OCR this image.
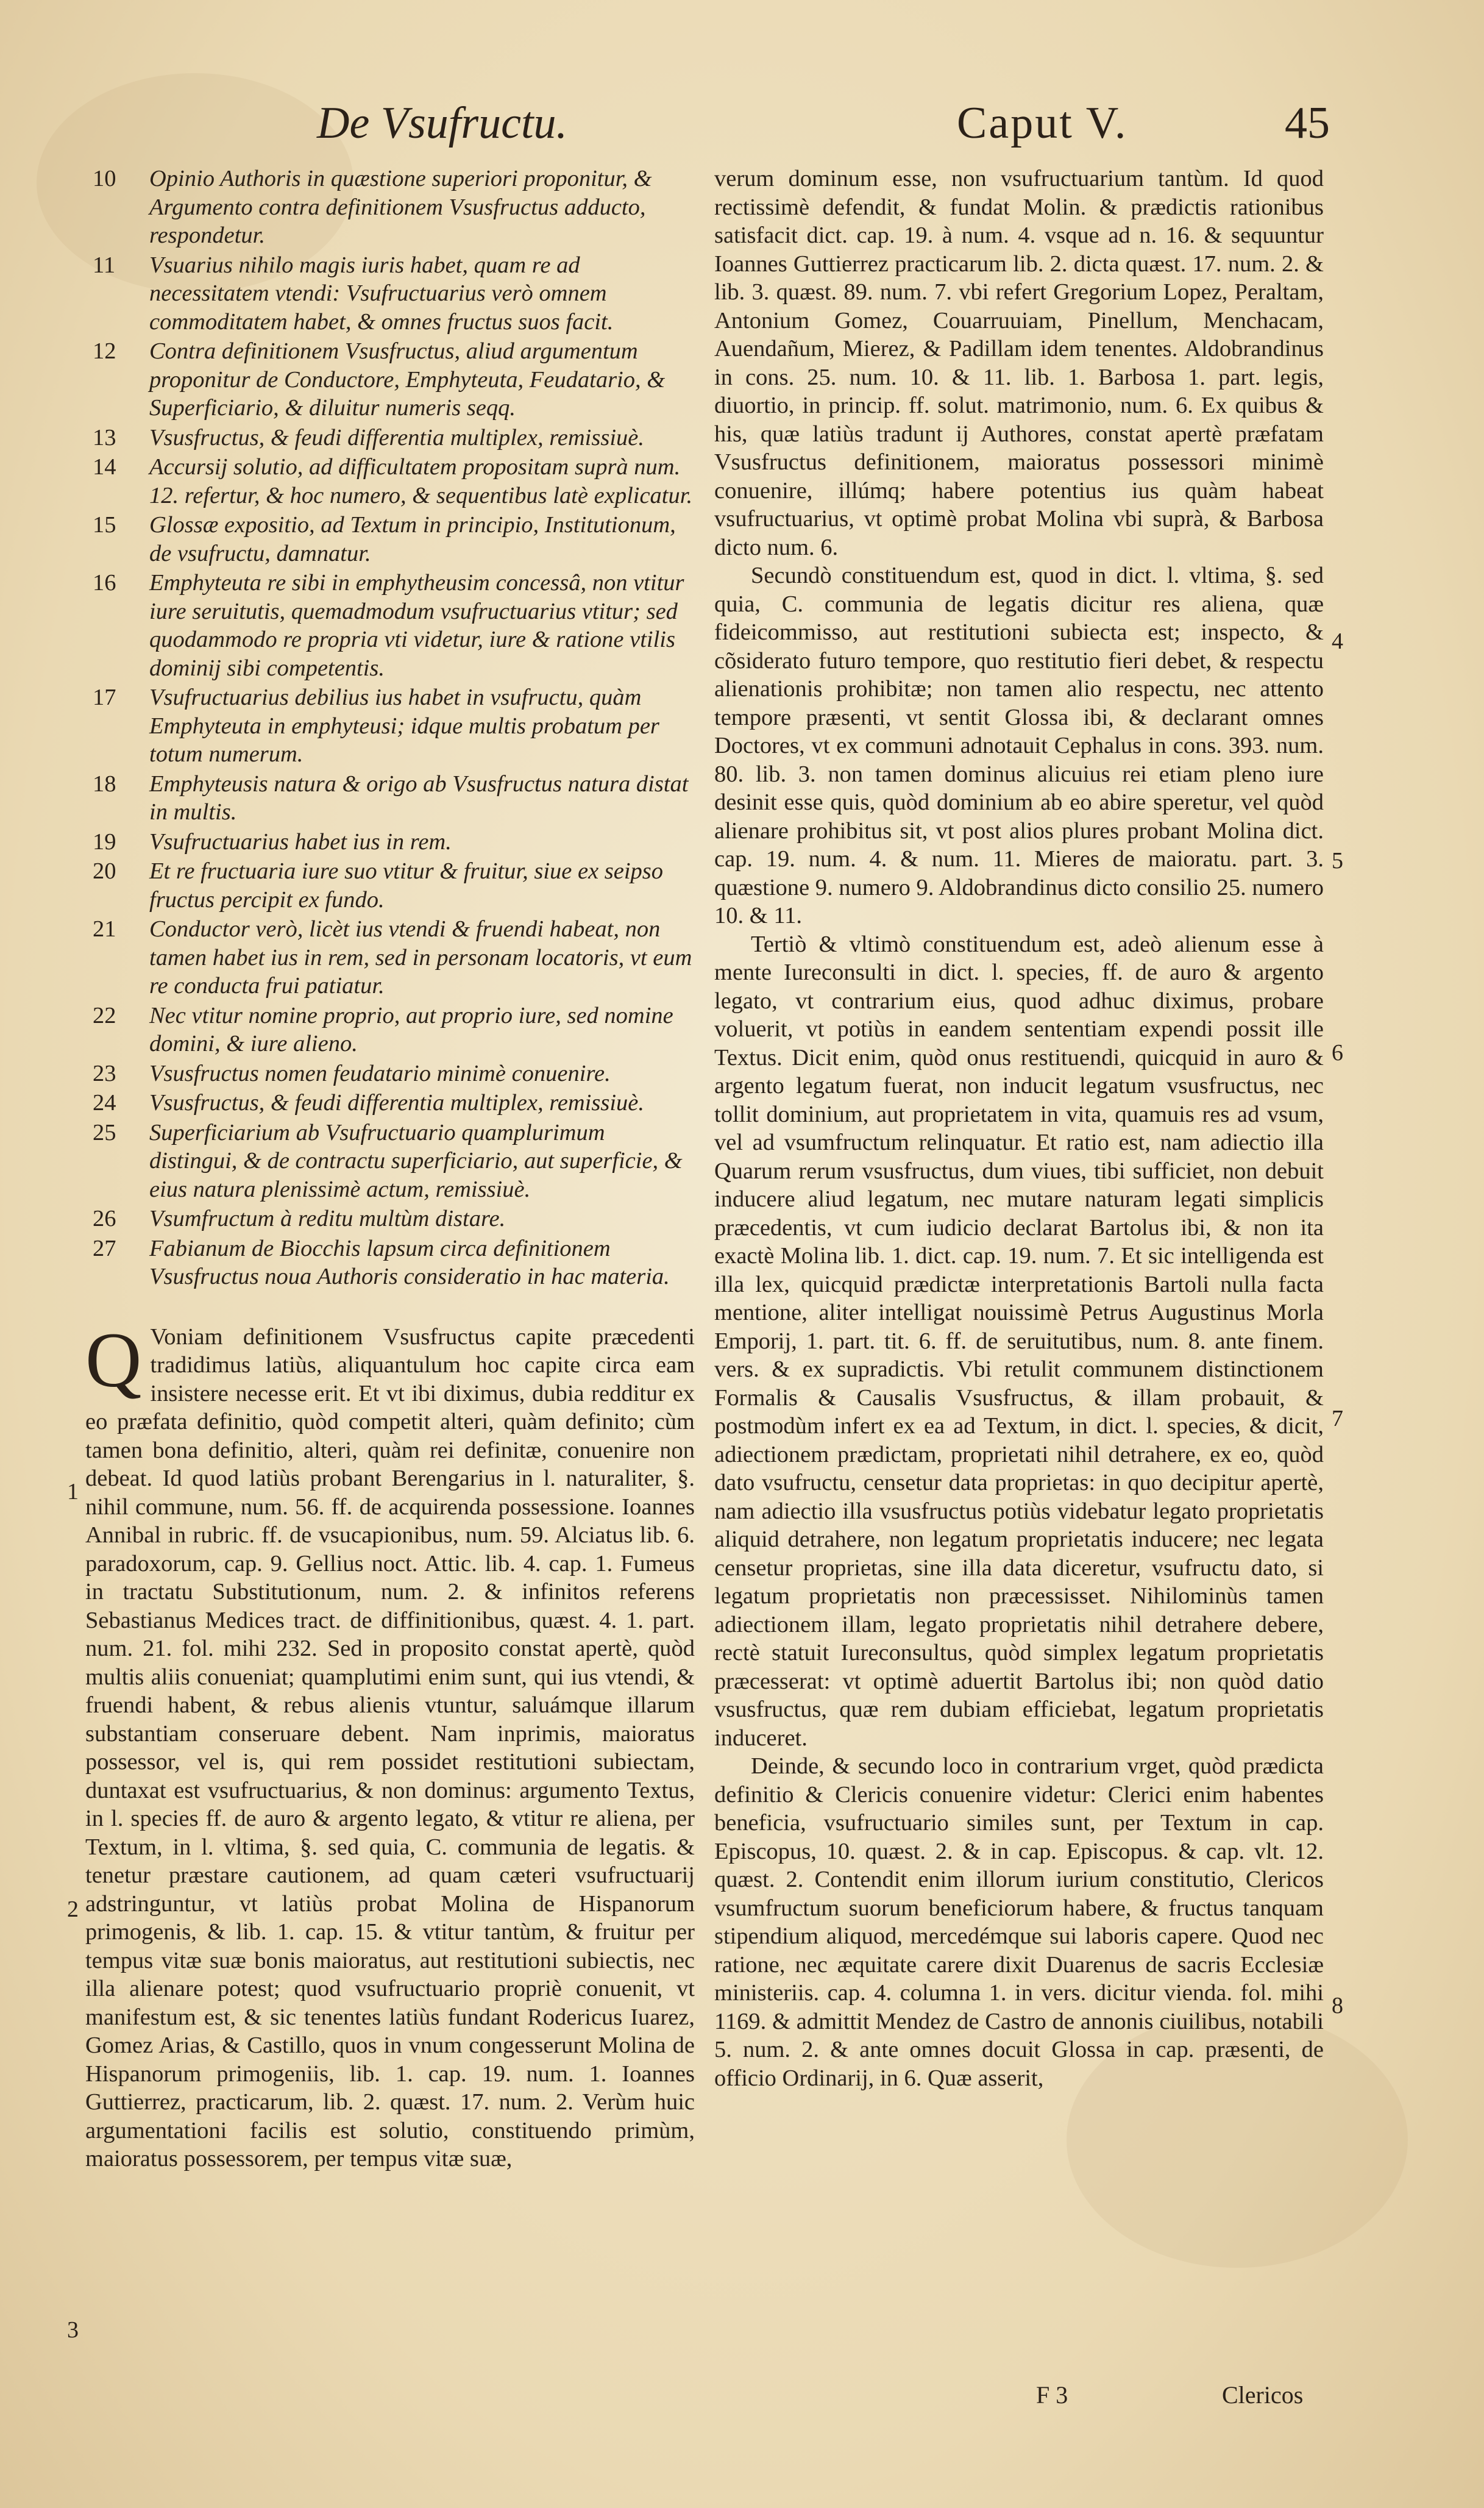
De Vsufructu.	Caput V.	45
10 Opinio Authoris in quæstione superiori proponitur, & Argumento contra definitionem Vsusfructus adducto, respondetur.
11 Vsuarius nihilo magis iuris habet, quam re ad necessitatem vtendi: Vsufructuarius verò omnem commoditatem habet, & omnes fructus suos facit.
12 Contra definitionem Vsusfructus, aliud argumentum proponitur de Conductore, Emphyteuta, Feudatario, & Superficiario, & diluitur numeris seqq.
13 Vsusfructus, & feudi differentia multiplex, remissiuè.
14 Accursij solutio, ad difficultatem propositam suprà num. 12. refertur, & hoc numero, & sequentibus latè explicatur.
15 Glossæ expositio, ad Textum in principio, Institutionum, de vsufructu, damnatur.
16 Emphyteuta re sibi in emphytheusim concessâ, non vtitur iure seruitutis, quemadmodum vsufructuarius vtitur; sed quodammodo re propria vti videtur, iure & ratione vtilis dominij sibi competentis.
17 Vsufructuarius debilius ius habet in vsufructu, quàm Emphyteuta in emphyteusi; idque multis probatum per totum numerum.
18 Emphyteusis natura & origo ab Vsusfructus natura distat in multis.
19 Vsufructuarius habet ius in rem.
20 Et re fructuaria iure suo vtitur & fruitur, siue ex seipso fructus percipit ex fundo.
21 Conductor verò, licèt ius vtendi & fruendi habeat, non tamen habet ius in rem, sed in personam locatoris, vt eum re conducta frui patiatur.
22 Nec vtitur nomine proprio, aut proprio iure, sed nomine domini, & iure alieno.
23 Vsusfructus nomen feudatario minimè conuenire.
24 Vsusfructus, & feudi differentia multiplex, remissiuè.
25 Superficiarium ab Vsufructuario quamplurimum distingui, & de contractu superficiario, aut superficie, & eius natura plenissimè actum, remissiuè.
26 Vsumfructum à reditu multùm distare.
27 Fabianum de Biocchis lapsum circa definitionem Vsusfructus noua Authoris consideratio in hac materia.

Q Voniam definitionem Vsusfructus capite præcedenti tradidimus latiùs, aliquantulum hoc capite circa eam insistere necesse erit. Et vt ibi diximus, dubia redditur ex eo præfata definitio, quòd competit alteri, quàm definito; cùm tamen bona definitio, alteri, quàm rei definitæ, conuenire non debeat. Id quod latiùs probant Berengarius in l. naturaliter, §. nihil commune, num. 56. ff. de acquirenda possessione. Ioannes Annibal in rubric. ff. de vsucapionibus, num. 59. Alciatus lib. 6. paradoxorum, cap. 9. Gellius noct. Attic. lib. 4. cap. 1. Fumeus in tractatu Substitutionum, num. 2. & infinitos referens Sebastianus Medices tract. de diffinitionibus, quæst. 4. 1. part. num. 21. fol. mihi 232. Sed in proposito constat apertè, quòd multis aliis conueniat; quamplutimi enim sunt, qui ius vtendi, & fruendi habent, & rebus alienis vtuntur, saluámque illarum substantiam conseruare debent. Nam inprimis, maioratus possessor, vel is, qui rem possidet restitutioni subiectam, duntaxat est vsufructuarius, & non dominus: argumento Textus, in l. species ff. de auro & argento legato, & vtitur re aliena, per Textum, in l. vltima, §. sed quia, C. communia de legatis. & tenetur præstare cautionem, ad quam cæteri vsufructuarij adstringuntur, vt latiùs probat Molina de Hispanorum primogenis, & lib. 1. cap. 15. & vtitur tantùm, & fruitur per tempus vitæ suæ bonis maioratus, aut restitutioni subiectis, nec illa alienare potest; quod vsufructuario propriè conuenit, vt manifestum est, & sic tenentes latiùs fundant Rodericus Iuarez, Gomez Arias, & Castillo, quos in vnum congesserunt Molina de Hispanorum primogeniis, lib. 1. cap. 19. num. 1. Ioannes Guttierrez, practicarum, lib. 2. quæst. 17. num. 2. Verùm huic argumentationi facilis est solutio, constituendo primùm, maioratus possessorem, per tempus vitæ suæ,

verum dominum esse, non vsufructuarium tantùm. Id quod rectissimè defendit, & fundat Molin. & prædictis rationibus satisfacit dict. cap. 19. à num. 4. vsque ad n. 16. & sequuntur Ioannes Guttierrez practicarum lib. 2. dicta quæst. 17. num. 2. & lib. 3. quæst. 89. num. 7. vbi refert Gregorium Lopez, Peraltam, Antonium Gomez, Couarruuiam, Pinellum, Menchacam, Auendañum, Mierez, & Padillam idem tenentes. Aldobrandinus in cons. 25. num. 10. & 11. lib. 1. Barbosa 1. part. legis, diuortio, in princip. ff. solut. matrimonio, num. 6. Ex quibus & his, quæ latiùs tradunt ij Authores, constat apertè præfatam Vsusfructus definitionem, maioratus possessori minimè conuenire, illúmq; habere potentius ius quàm habeat vsufructuarius, vt optimè probat Molina vbi suprà, & Barbosa dicto num. 6.

Secundò constituendum est, quod in dict. l. vltima, §. sed quia, C. communia de legatis dicitur res aliena, quæ fideicommisso, aut restitutioni subiecta est; inspecto, & cõsiderato futuro tempore, quo restitutio fieri debet, & respectu alienationis prohibitæ; non tamen alio respectu, nec attento tempore præsenti, vt sentit Glossa ibi, & declarant omnes Doctores, vt ex communi adnotauit Cephalus in cons. 393. num. 80. lib. 3. non tamen dominus alicuius rei etiam pleno iure desinit esse quis, quòd dominium ab eo abire speretur, vel quòd alienare prohibitus sit, vt post alios plures probant Molina dict. cap. 19. num. 4. & num. 11. Mieres de maioratu. part. 3. quæstione 9. numero 9. Aldobrandinus dicto consilio 25. numero 10. & 11.

Tertiò & vltimò constituendum est, adeò alienum esse à mente Iureconsulti in dict. l. species, ff. de auro & argento legato, vt contrarium eius, quod adhuc diximus, probare voluerit, vt potiùs in eandem sententiam expendi possit ille Textus. Dicit enim, quòd onus restituendi, quicquid in auro & argento legatum fuerat, non inducit legatum vsusfructus, nec tollit dominium, aut proprietatem in vita, quamuis res ad vsum, vel ad vsumfructum relinquatur. Et ratio est, nam adiectio illa Quarum rerum vsusfructus, dum viues, tibi sufficiet, non debuit inducere aliud legatum, nec mutare naturam legati simplicis præcedentis, vt cum iudicio declarat Bartolus ibi, & non ita exactè Molina lib. 1. dict. cap. 19. num. 7. Et sic intelligenda est illa lex, quicquid prædictæ interpretationis Bartoli nulla facta mentione, aliter intelligat nouissimè Petrus Augustinus Morla Emporij, 1. part. tit. 6. ff. de seruitutibus, num. 8. ante finem. vers. & ex supradictis. Vbi retulit communem distinctionem Formalis & Causalis Vsusfructus, & illam probauit, & postmodùm infert ex ea ad Textum, in dict. l. species, & dicit, adiectionem prædictam, proprietati nihil detrahere, ex eo, quòd dato vsufructu, censetur data proprietas: in quo decipitur apertè, nam adiectio illa vsusfructus potiùs videbatur legato proprietatis aliquid detrahere, non legatum proprietatis inducere; nec legata censetur proprietas, sine illa data diceretur, vsufructu dato, si legatum proprietatis non præcessisset. Nihilominùs tamen adiectionem illam, legato proprietatis nihil detrahere debere, rectè statuit Iureconsultus, quòd simplex legatum proprietatis præcesserat: vt optimè aduertit Bartolus ibi; non quòd datio vsusfructus, quæ rem dubiam efficiebat, legatum proprietatis induceret.

Deinde, & secundo loco in contrarium vrget, quòd prædicta definitio & Clericis conuenire videtur: Clerici enim habentes beneficia, vsufructuario similes sunt, per Textum in cap. Episcopus, 10. quæst. 2. & in cap. Episcopus. & cap. vlt. 12. quæst. 2. Contendit enim illorum iurium constitutio, Clericos vsumfructum suorum beneficiorum habere, & fructus tanquam stipendium aliquod, mercedémque sui laboris capere. Quod nec ratione, nec æquitate carere dixit Duarenus de sacris Ecclesiæ ministeriis. cap. 4. columna 1. in vers. dicitur vienda. fol. mihi 1169. & admittit Mendez de Castro de annonis ciuilibus, notabili 5. num. 2. & ante omnes docuit Glossa in cap. præsenti, de officio Ordinarij, in 6. Quæ asserit,

1
2
3
4
5
6
7
8
F 3	Clericos
